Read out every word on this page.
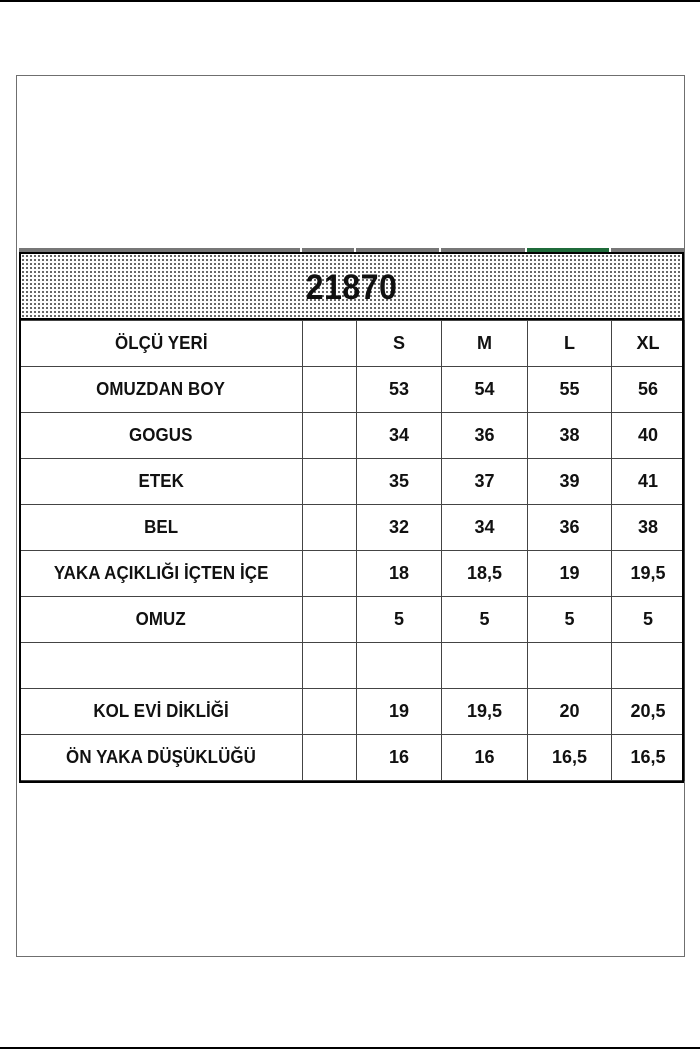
21870
ÖLÇÜ YERİ		S	M	L	XL
OMUZDAN BOY		53	54	55	56
GOGUS		34	36	38	40
ETEK		35	37	39	41
BEL		32	34	36	38
YAKA AÇIKLIĞI İÇTEN İÇE		18	18,5	19	19,5
OMUZ		5	5	5	5

KOL EVİ DİKLİĞİ		19	19,5	20	20,5
ÖN YAKA DÜŞÜKLÜĞÜ		16	16	16,5	16,5
